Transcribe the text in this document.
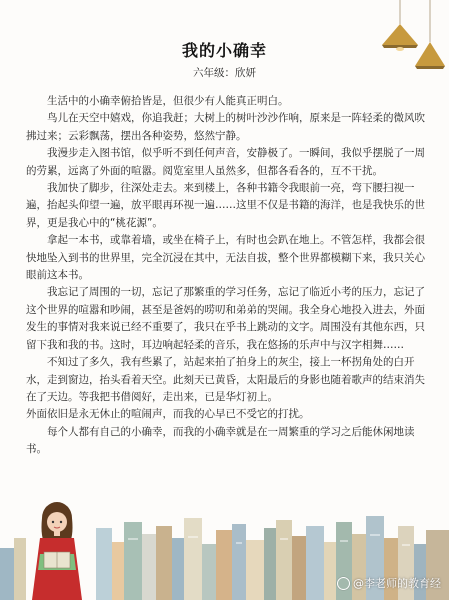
我的小确幸
六年级：欣妍

生活中的小确幸俯拾皆是，但很少有人能真正明白。

鸟儿在天空中嬉戏，你追我赶；大树上的树叶沙沙作响，原来是一阵轻柔的微风吹拂过来；云彩飘荡，摆出各种姿势，悠然宁静。

我漫步走入图书馆，似乎听不到任何声音，安静极了。一瞬间，我似乎摆脱了一周的劳累，远离了外面的喧嚣。阅览室里人虽然多，但都各看各的，互不干扰。

我加快了脚步，往深处走去。来到楼上，各种书籍令我眼前一亮，弯下腰扫视一遍，抬起头仰望一遍，放平眼再环视一遍……这里不仅是书籍的海洋，也是我快乐的世界，更是我心中的“桃花源”。

拿起一本书，或靠着墙，或坐在椅子上，有时也会趴在地上。不管怎样，我都会很快地坠入到书的世界里，完全沉浸在其中，无法自拔，整个世界都模糊下来，我只关心眼前这本书。

我忘记了周围的一切，忘记了那繁重的学习任务，忘记了临近小考的压力，忘记了这个世界的喧嚣和吵闹，甚至是爸妈的唠叨和弟弟的哭闹。我全身心地投入进去，外面发生的事情对我来说已经不重要了，我只在乎书上跳动的文字。周围没有其他东西，只留下我和我的书。这时，耳边响起轻柔的音乐，我在悠扬的乐声中与汉字相舞……

不知过了多久，我有些累了，站起来拍了拍身上的灰尘，接上一杯拐角处的白开水，走到窗边，抬头看着天空。此刻天已黄昏，太阳最后的身影也随着歌声的结束消失在了天边。等我把书借阅好，走出来，已是华灯初上。

外面依旧是永无休止的喧闹声，而我的心早已不受它的打扰。

每个人都有自己的小确幸，而我的小确幸就是在一周繁重的学习之后能休闲地读书。

@李老师的教育经
